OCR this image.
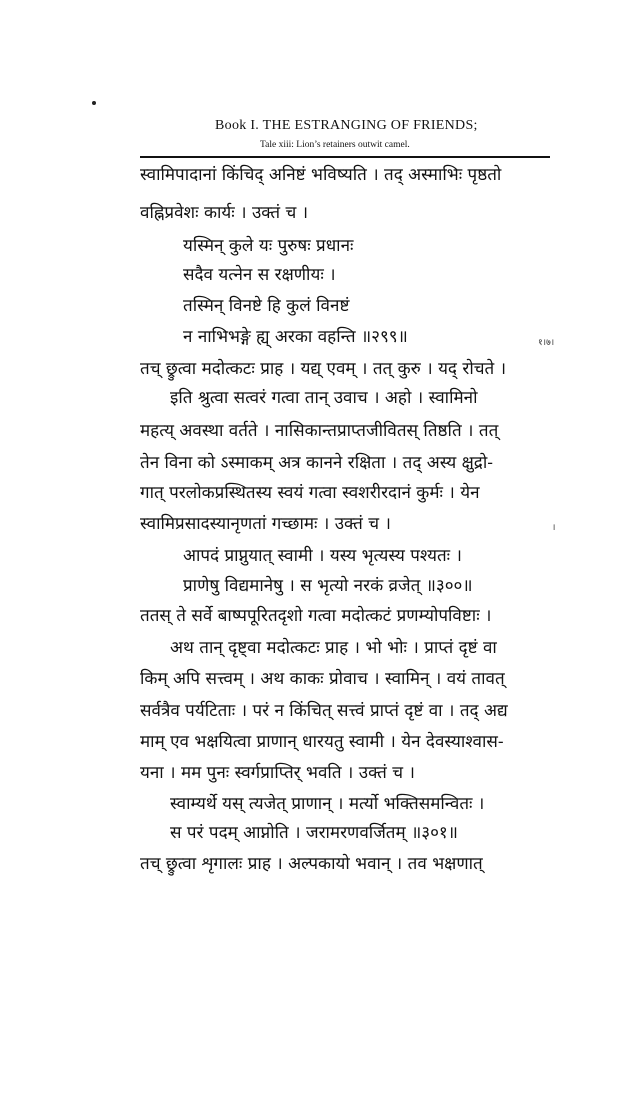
Book I. THE ESTRANGING OF FRIENDS;
Tale xiii: Lion’s retainers outwit camel.
स्वामिपादानां किंचिद् अनिष्टं भविष्यति । तद् अस्माभिः पृष्ठतो
वह्निप्रवेशः कार्यः । उक्तं च ।
यस्मिन् कुले यः पुरुषः प्रधानः
सदैव यत्नेन स रक्षणीयः ।
तस्मिन् विनष्टे हि कुलं विनष्टं
न नाभिभङ्गे ह्य् अरका वहन्ति ॥२९९॥	१।७।
तच् छ्रुत्वा मदोत्कटः प्राह । यद्य् एवम् । तत् कुरु । यद् रोचते ।
इति श्रुत्वा सत्वरं गत्वा तान् उवाच । अहो । स्वामिनो
महत्य् अवस्था वर्तते । नासिकान्तप्राप्तजीवितस् तिष्ठति । तत्
तेन विना को ऽस्माकम् अत्र कानने रक्षिता । तद् अस्य क्षुद्रो-
गात् परलोकप्रस्थितस्य स्वयं गत्वा स्वशरीरदानं कुर्मः । येन
स्वामिप्रसादस्यानृणतां गच्छामः । उक्तं च ।	।
आपदं प्राप्नुयात् स्वामी । यस्य भृत्यस्य पश्यतः ।
प्राणेषु विद्यमानेषु । स भृत्यो नरकं व्रजेत् ॥३००॥
ततस् ते सर्वे बाष्पपूरितदृशो गत्वा मदोत्कटं प्रणम्योपविष्टाः ।
अथ तान् दृष्ट्वा मदोत्कटः प्राह । भो भोः । प्राप्तं दृष्टं वा
किम् अपि सत्त्वम् । अथ काकः प्रोवाच । स्वामिन् । वयं तावत्
सर्वत्रैव पर्यटिताः । परं न किंचित् सत्त्वं प्राप्तं दृष्टं वा । तद् अद्य
माम् एव भक्षयित्वा प्राणान् धारयतु स्वामी । येन देवस्याश्वास-
यना । मम पुनः स्वर्गप्राप्तिर् भवति । उक्तं च ।
स्वाम्यर्थे यस् त्यजेत् प्राणान् । मर्त्यो भक्तिसमन्वितः ।
स परं पदम् आप्नोति । जरामरणवर्जितम् ॥३०१॥
तच् छ्रुत्वा शृगालः प्राह । अल्पकायो भवान् । तव भक्षणात्
